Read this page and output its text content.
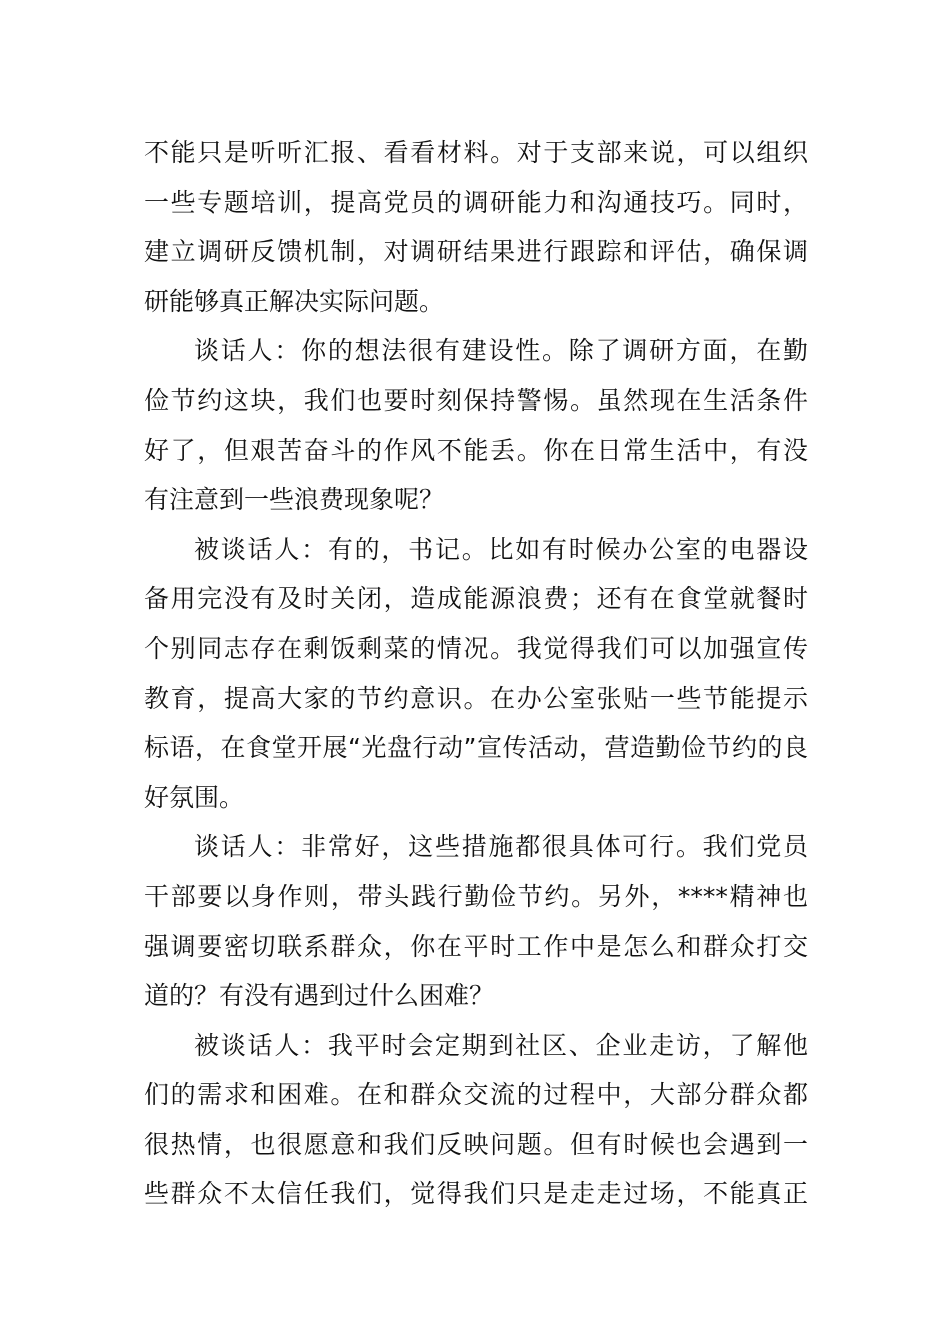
不能只是听听汇报、看看材料。对于支部来说，可以组织
一些专题培训，提高党员的调研能力和沟通技巧。同时，
建立调研反馈机制，对调研结果进行跟踪和评估，确保调
研能够真正解决实际问题。
谈话人：你的想法很有建设性。除了调研方面，在勤
俭节约这块，我们也要时刻保持警惕。虽然现在生活条件
好了，但艰苦奋斗的作风不能丢。你在日常生活中，有没
有注意到一些浪费现象呢？
被谈话人：有的，书记。比如有时候办公室的电器设
备用完没有及时关闭，造成能源浪费；还有在食堂就餐时
个别同志存在剩饭剩菜的情况。我觉得我们可以加强宣传
教育，提高大家的节约意识。在办公室张贴一些节能提示
标语，在食堂开展“光盘行动”宣传活动，营造勤俭节约的良
好氛围。
谈话人：非常好，这些措施都很具体可行。我们党员
干部要以身作则，带头践行勤俭节约。另外，****精神也
强调要密切联系群众，你在平时工作中是怎么和群众打交
道的？有没有遇到过什么困难？
被谈话人：我平时会定期到社区、企业走访，了解他
们的需求和困难。在和群众交流的过程中，大部分群众都
很热情，也很愿意和我们反映问题。但有时候也会遇到一
些群众不太信任我们，觉得我们只是走走过场，不能真正
